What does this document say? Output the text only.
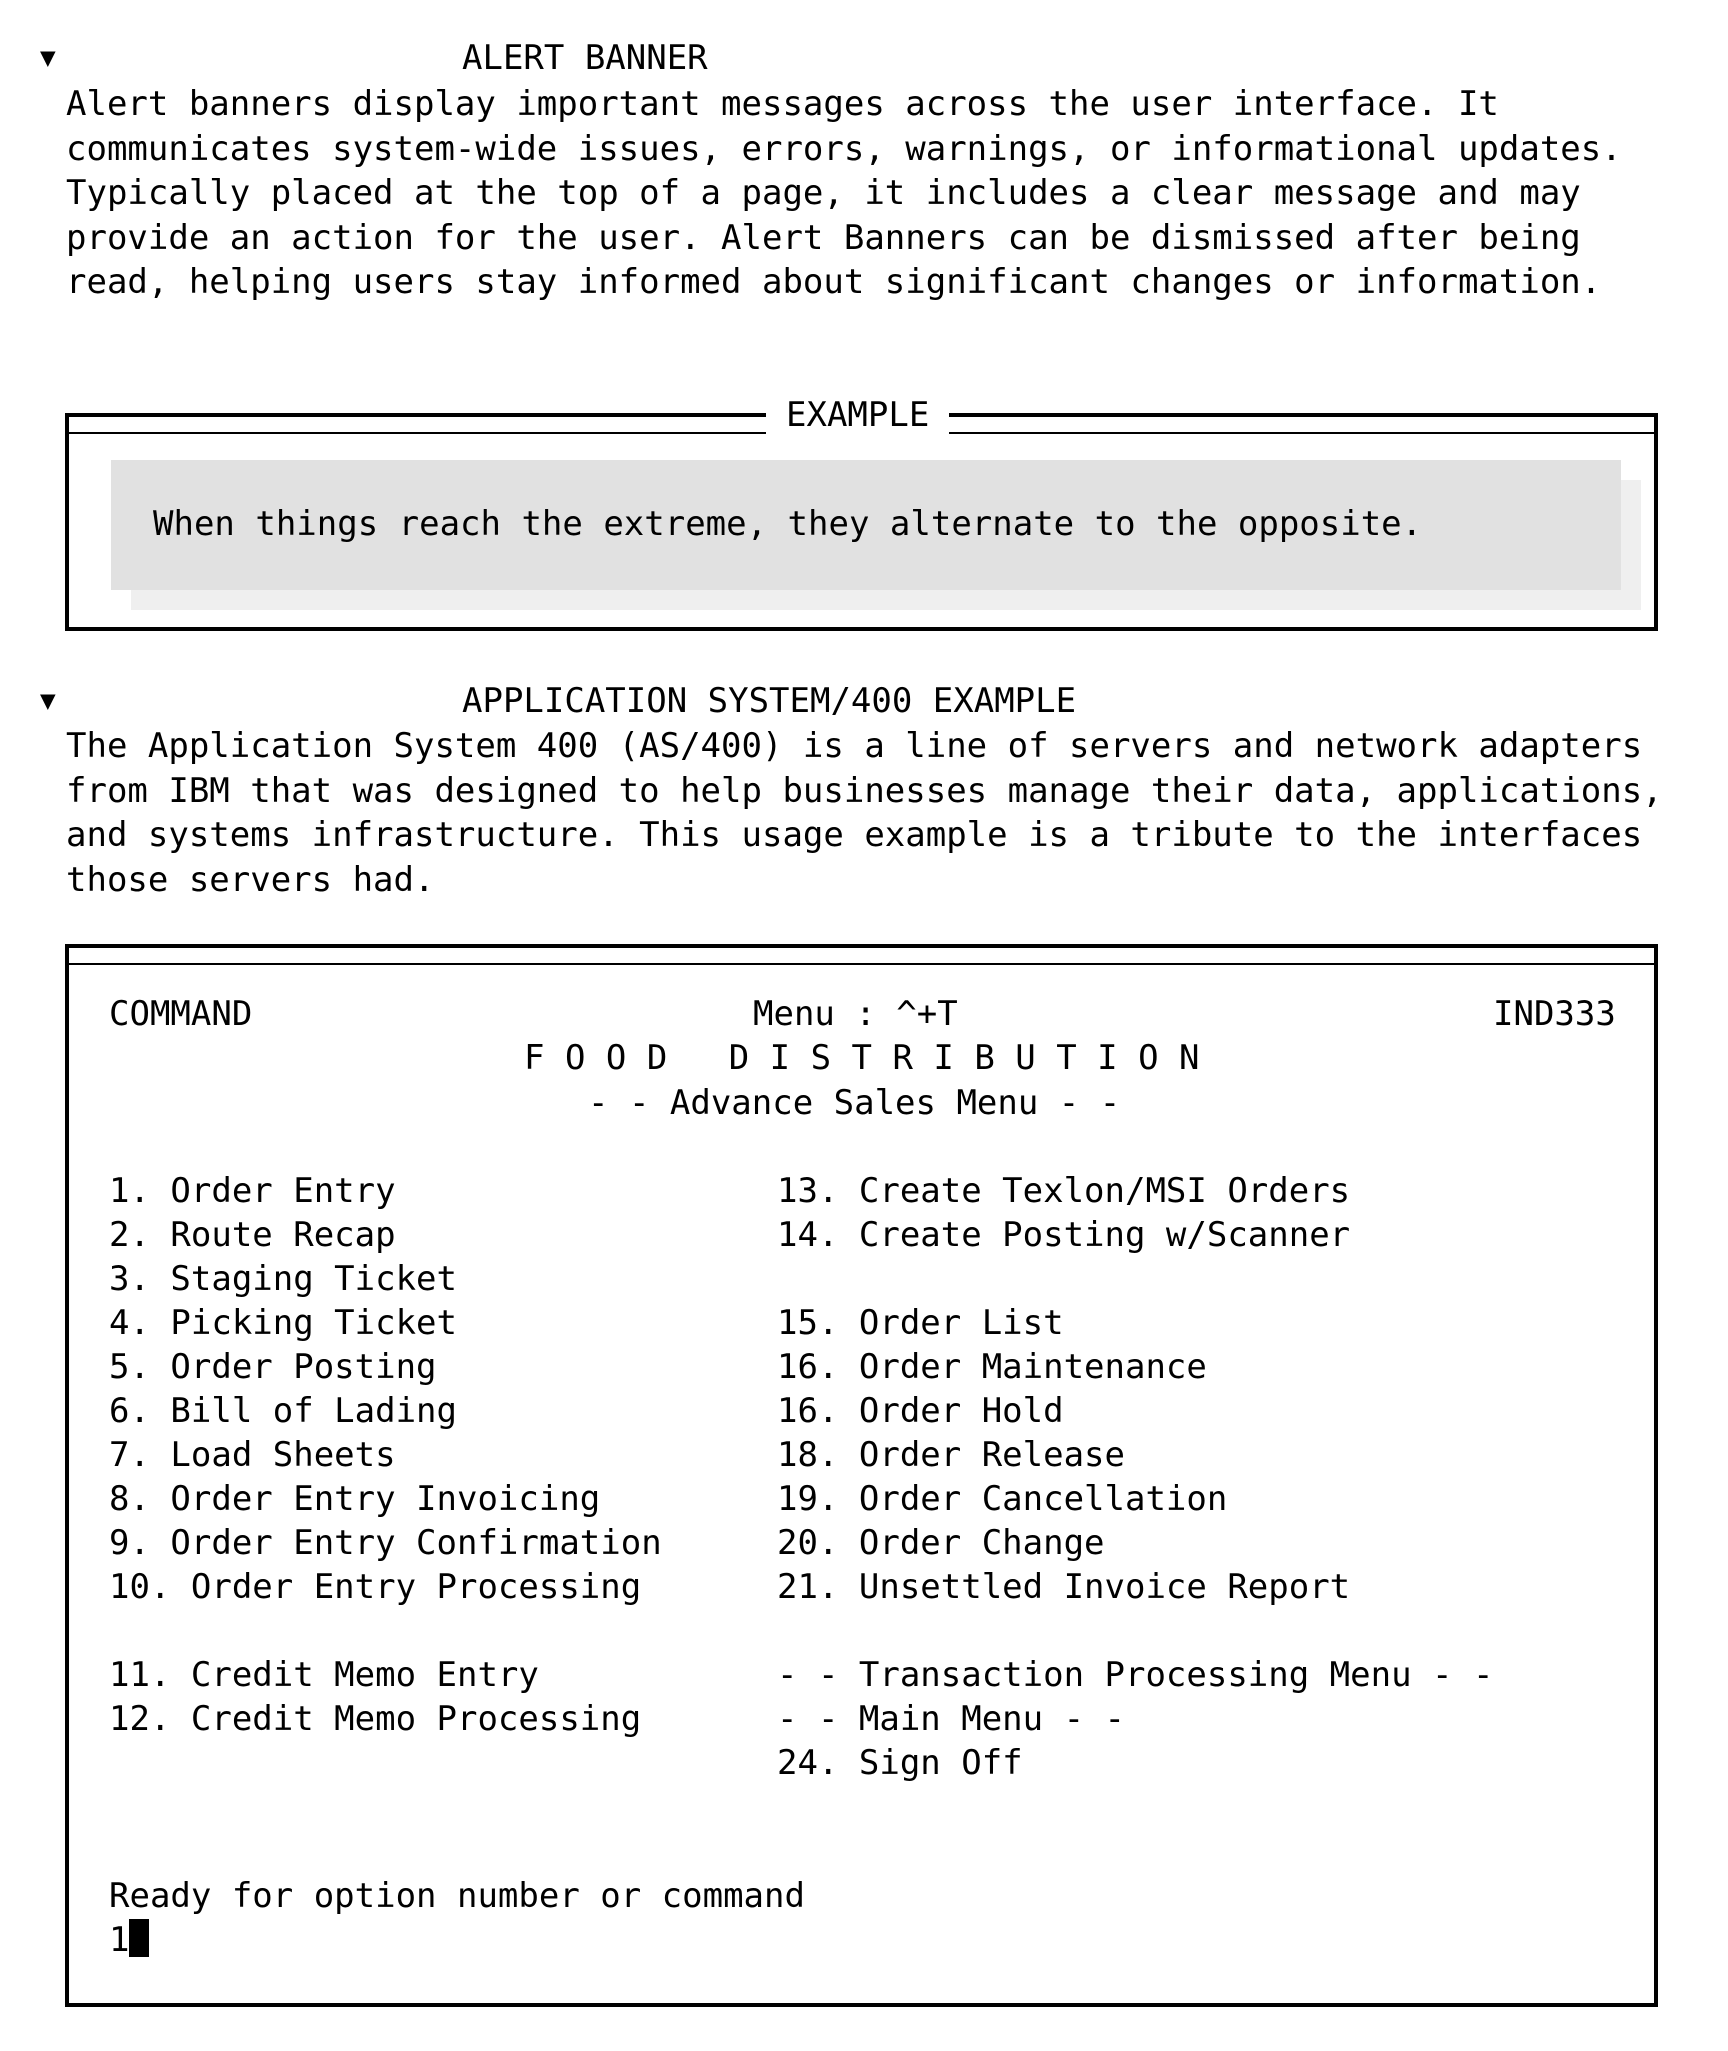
▼

	ALERT BANNER

Alert banners display important messages across the user interface. It communicates system-wide issues, errors, warnings, or informational updates. Typically placed at the top of a page, it includes a clear message and may provide an action for the user. Alert Banners can be dismissed after being read, helping users stay informed about significant changes or information.
EXAMPLE
When things reach the extreme, they alternate to the opposite.

▼

	APPLICATION SYSTEM/400 EXAMPLE

The Application System 400 (AS/400) is a line of servers and network adapters from IBM that was designed to help businesses manage their data, applications, and systems infrastructure. This usage example is a tribute to the interfaces those servers had.
COMMAND	Menu : ^+T	IND333
F O O D   D I S T R I B U T I O N
- - Advance Sales Menu - -
1. Order Entry
2. Route Recap
3. Staging Ticket
4. Picking Ticket
5. Order Posting
6. Bill of Lading
7. Load Sheets
8. Order Entry Invoicing
9. Order Entry Confirmation
10. Order Entry Processing
11. Credit Memo Entry
12. Credit Memo Processing
13. Create Texlon/MSI Orders
14. Create Posting w/Scanner
15. Order List
16. Order Maintenance
16. Order Hold
18. Order Release
19. Order Cancellation
20. Order Change
21. Unsettled Invoice Report
- - Transaction Processing Menu - -
- - Main Menu - -
24. Sign Off
Ready for option number or command
1
